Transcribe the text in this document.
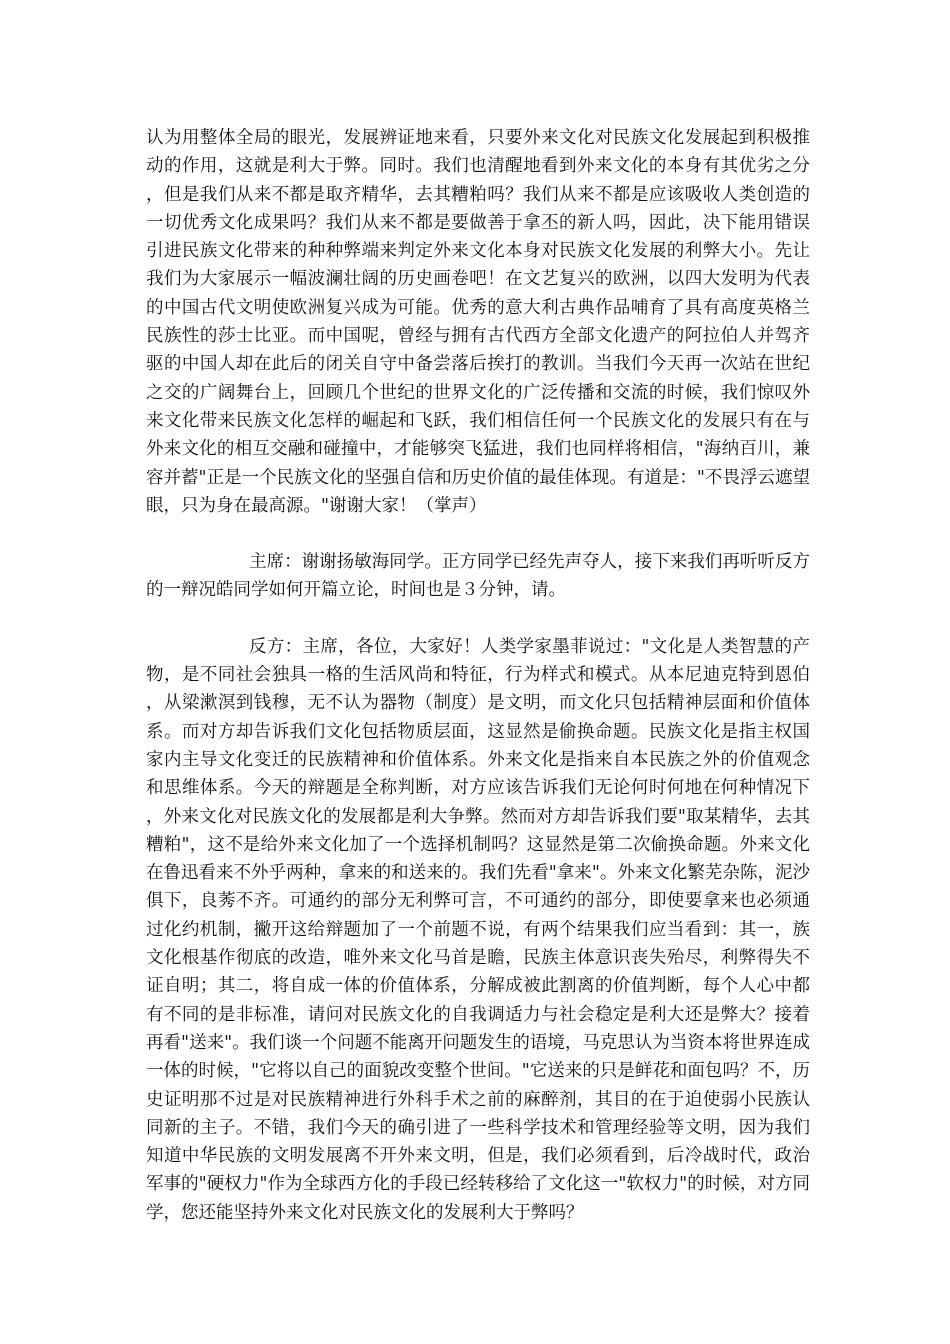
认为用整体全局的眼光，发展辨证地来看，只要外来文化对民族文化发展起到积极推动的作用，这就是利大于弊。同时。我们也清醒地看到外来文化的本身有其优劣之分，但是我们从来不都是取齐精华，去其糟粕吗？我们从来不都是应该吸收人类创造的一切优秀文化成果吗？我们从来不都是要做善于拿丕的新人吗，因此，决下能用错误引进民族文化带来的种种弊端来判定外来文化本身对民族文化发展的利弊大小。先让我们为大家展示一幅波澜壮阔的历史画卷吧！在文艺复兴的欧洲，以四大发明为代表的中国古代文明使欧洲复兴成为可能。优秀的意大利古典作品哺育了具有高度英格兰民族性的莎士比亚。而中国呢，曾经与拥有古代西方全部文化遗产的阿拉伯人并驾齐驱的中国人却在此后的闭关自守中备尝落后挨打的教训。当我们今天再一次站在世纪之交的广阔舞台上，回顾几个世纪的世界文化的广泛传播和交流的时候，我们惊叹外来文化带来民族文化怎样的崛起和飞跃，我们相信任何一个民族文化的发展只有在与外来文化的相互交融和碰撞中，才能够突飞猛进，我们也同样将相信，"海纳百川，兼容并蓄"正是一个民族文化的坚强自信和历史价值的最佳体现。有道是："不畏浮云遮望眼，只为身在最高源。"谢谢大家！（掌声）

主席：谢谢扬敏海同学。正方同学已经先声夺人，接下来我们再听听反方的一辩况皓同学如何开篇立论，时间也是３分钟，请。

反方：主席，各位，大家好！人类学家墨菲说过："文化是人类智慧的产物，是不同社会独具一格的生活风尚和特征，行为样式和模式。从本尼迪克特到恩伯，从梁漱溟到钱穆，无不认为器物（制度）是文明，而文化只包括精神层面和价值体系。而对方却告诉我们文化包括物质层面，这显然是偷换命题。民族文化是指主权国家内主导文化变迁的民族精神和价值体系。外来文化是指来自本民族之外的价值观念和思维体系。今天的辩题是全称判断，对方应该告诉我们无论何时何地在何种情况下，外来文化对民族文化的发展都是利大争弊。然而对方却告诉我们要"取某精华，去其糟粕"，这不是给外来文化加了一个选择机制吗？这显然是第二次偷换命题。外来文化在鲁迅看来不外乎两种，拿来的和送来的。我们先看"拿来"。外来文化繁芜杂陈，泥沙俱下，良莠不齐。可通约的部分无利弊可言，不可通约的部分，即使要拿来也必须通过化约机制，撇开这给辩题加了一个前题不说，有两个结果我们应当看到：其一，族文化根基作彻底的改造，唯外来文化马首是瞻，民族主体意识丧失殆尽，利弊得失不证自明；其二，将自成一体的价值体系，分解成被此割离的价值判断，每个人心中都有不同的是非标准，请问对民族文化的自我调适力与社会稳定是利大还是弊大？接着再看"送来"。我们谈一个问题不能离开问题发生的语境，马克思认为当资本将世界连成一体的时候，"它将以自己的面貌改变整个世间。"它送来的只是鲜花和面包吗？不，历史证明那不过是对民族精神进行外科手术之前的麻醉剂，其目的在于迫使弱小民族认同新的主子。不错，我们今天的确引进了一些科学技术和管理经验等文明，因为我们知道中华民族的文明发展离不开外来文明，但是，我们必须看到，后冷战时代，政治军事的"硬权力"作为全球西方化的手段已经转移给了文化这一"软权力"的时候，对方同学，您还能坚持外来文化对民族文化的发展利大于弊吗？
